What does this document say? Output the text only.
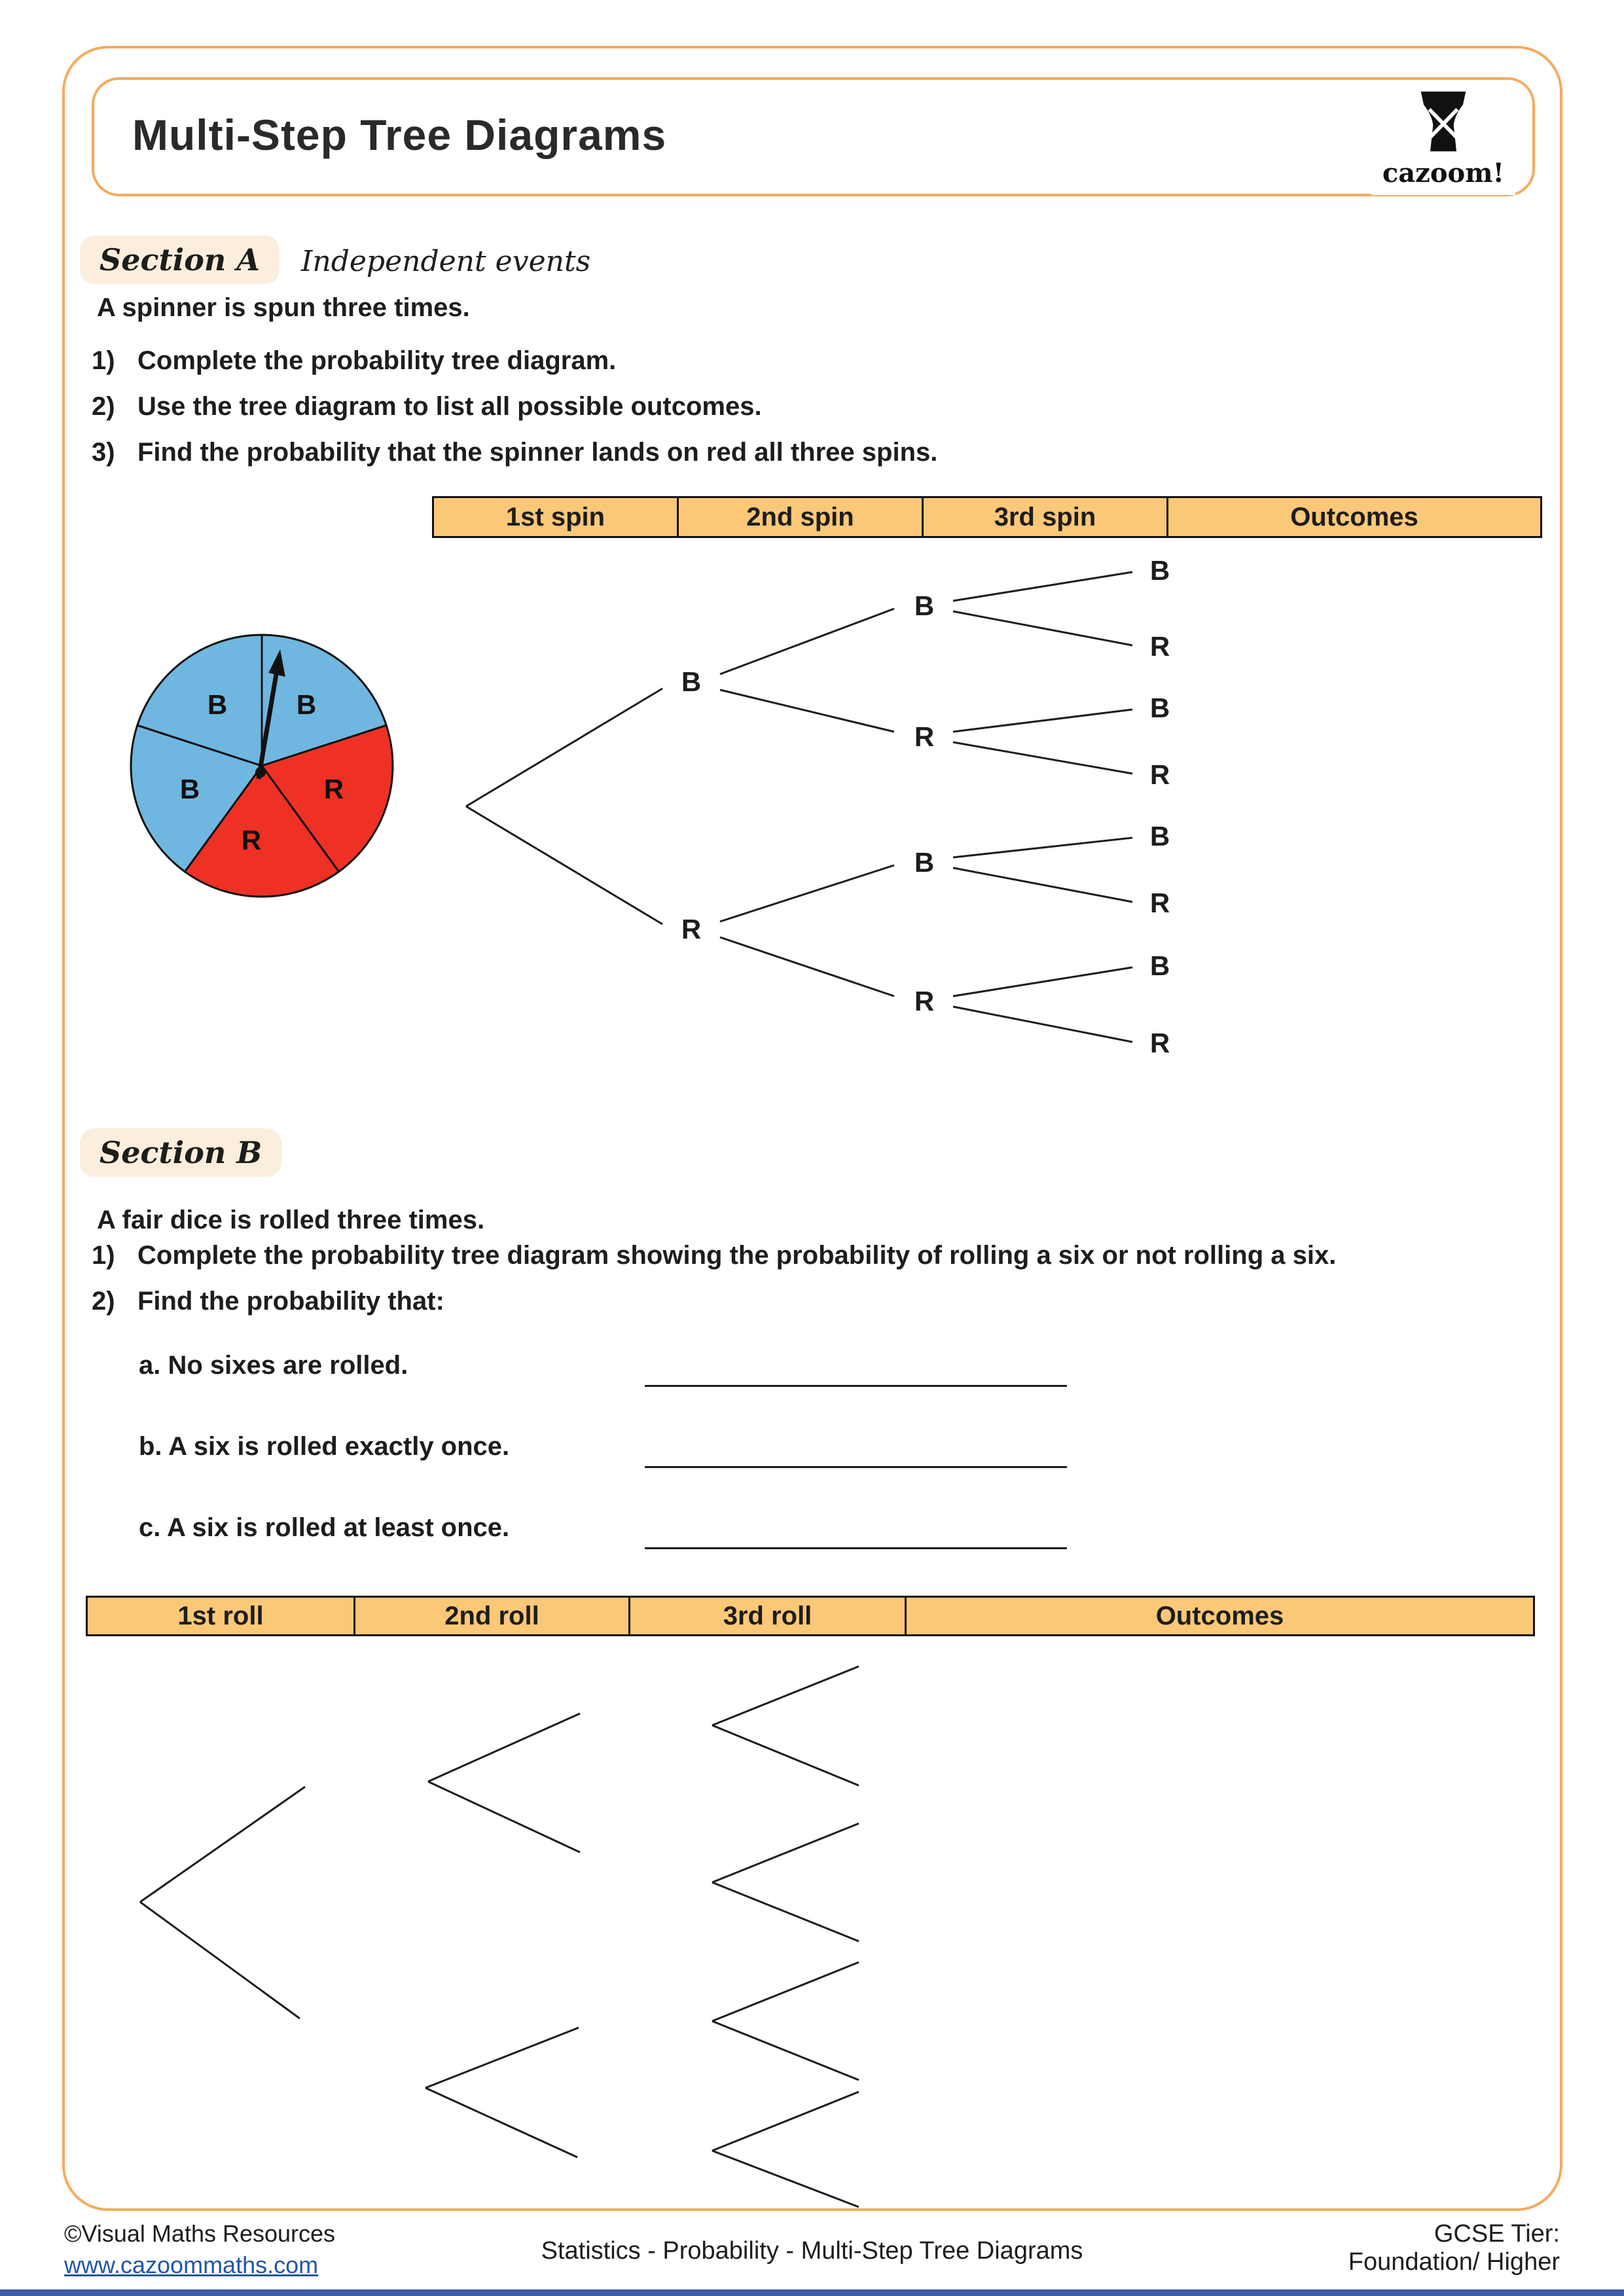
Multi-Step Tree Diagrams
cazoom!
Section A	Independent events
A spinner is spun three times.
1) Complete the probability tree diagram.
2) Use the tree diagram to list all possible outcomes.
3) Find the probability that the spinner lands on red all three spins.
1st spin	2nd spin	3rd spin	Outcomes
B
R
R
B
B
B
R
B
R
B
R
B
R
B
R
B
R
B
R
Section B
A fair dice is rolled three times.
1) Complete the probability tree diagram showing the probability of rolling a six or not rolling a six.
2) Find the probability that:
a. No sixes are rolled.
b. A six is rolled exactly once.
c. A six is rolled at least once.
1st roll	2nd roll	3rd roll	Outcomes
©Visual Maths Resources
www.cazoommaths.com
Statistics - Probability - Multi-Step Tree Diagrams
GCSE Tier:
Foundation/ Higher
